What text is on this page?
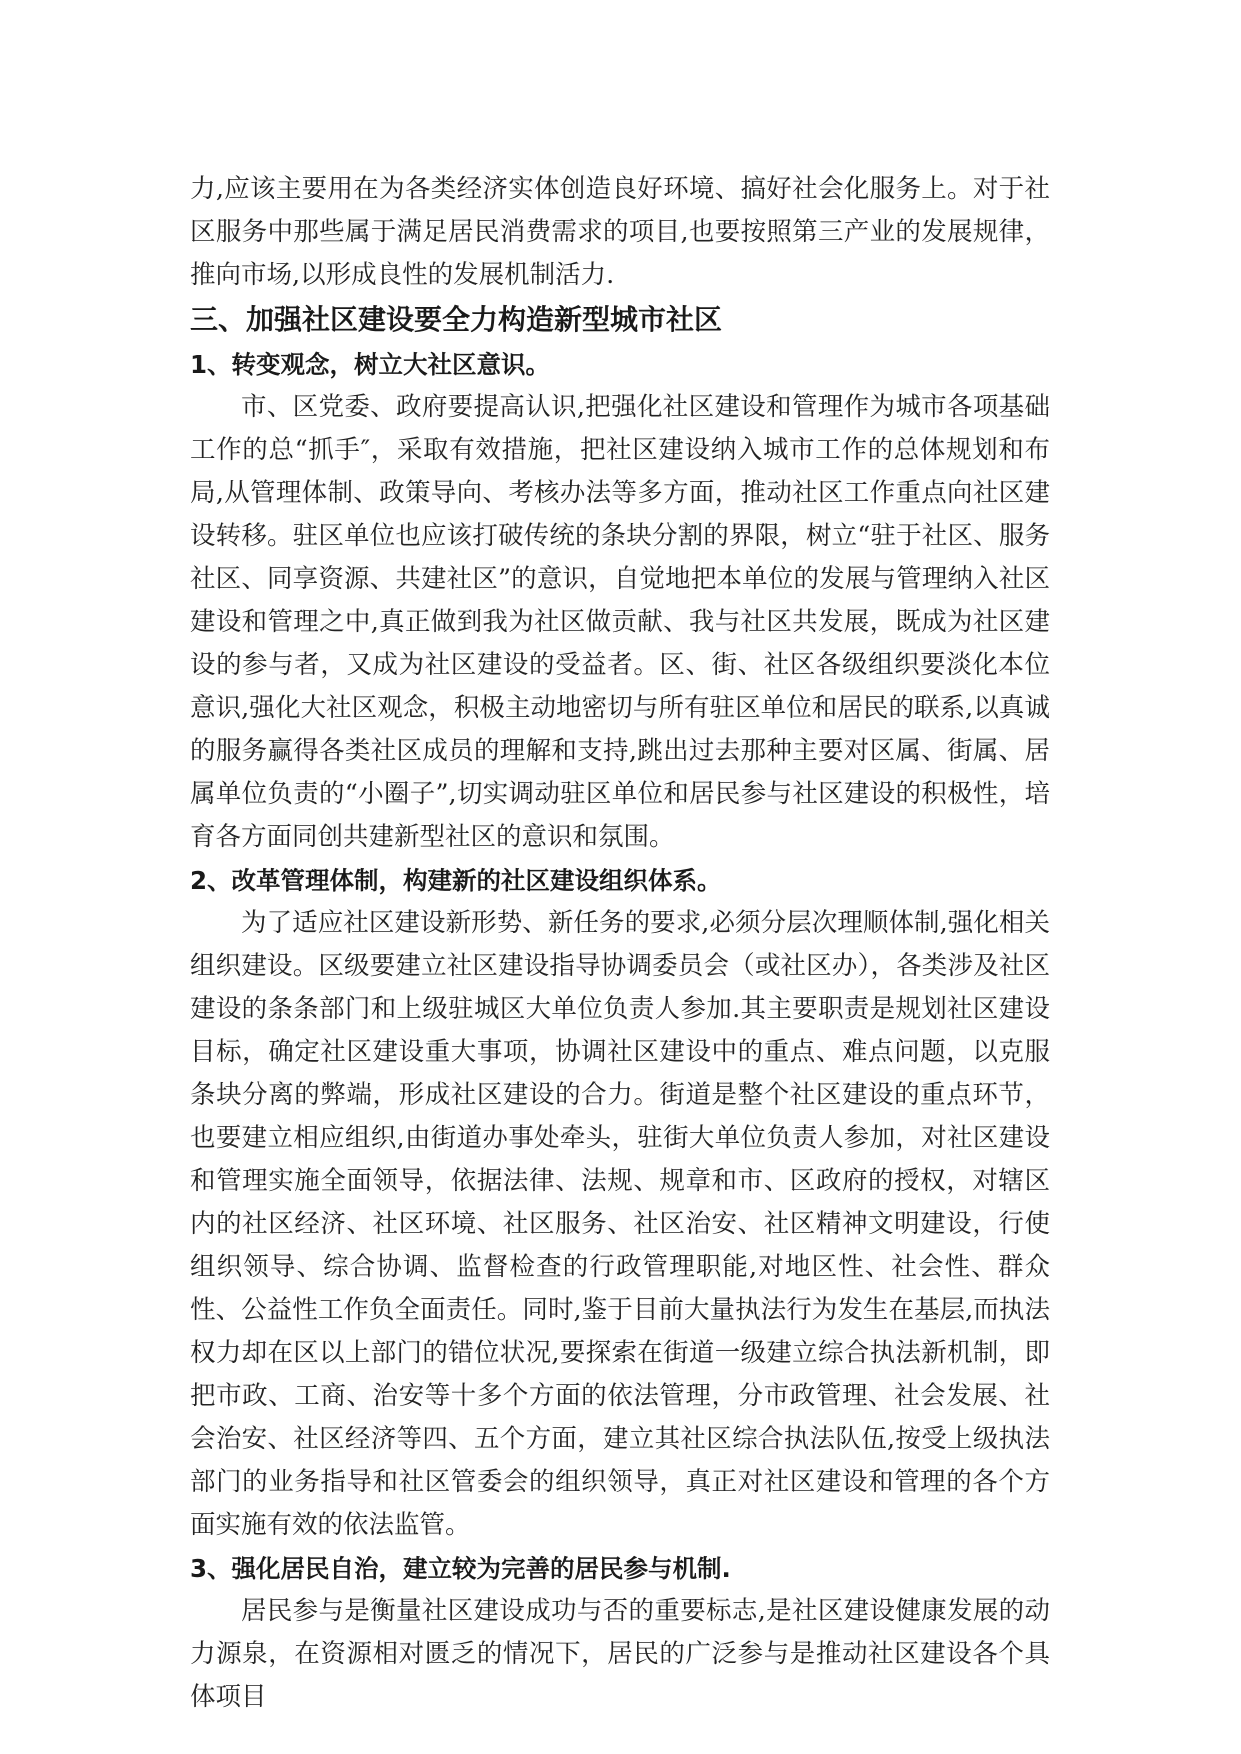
力,应该主要用在为各类经济实体创造良好环境、搞好社会化服务上。对于社区服务中那些属于满足居民消费需求的项目,也要按照第三产业的发展规律，推向市场,以形成良性的发展机制活力.

三、加强社区建设要全力构造新型城市社区
1、转变观念，树立大社区意识。

市、区党委、政府要提高认识,把强化社区建设和管理作为城市各项基础工作的总“抓手″，采取有效措施，把社区建设纳入城市工作的总体规划和布局,从管理体制、政策导向、考核办法等多方面，推动社区工作重点向社区建设转移。驻区单位也应该打破传统的条块分割的界限，树立“驻于社区、服务社区、同享资源、共建社区”的意识，自觉地把本单位的发展与管理纳入社区建设和管理之中,真正做到我为社区做贡献、我与社区共发展，既成为社区建设的参与者，又成为社区建设的受益者。区、街、社区各级组织要淡化本位意识,强化大社区观念，积极主动地密切与所有驻区单位和居民的联系,以真诚的服务赢得各类社区成员的理解和支持,跳出过去那种主要对区属、街属、居属单位负责的“小圈子”,切实调动驻区单位和居民参与社区建设的积极性，培育各方面同创共建新型社区的意识和氛围。

2、改革管理体制，构建新的社区建设组织体系。

为了适应社区建设新形势、新任务的要求,必须分层次理顺体制,强化相关组织建设。区级要建立社区建设指导协调委员会（或社区办），各类涉及社区建设的条条部门和上级驻城区大单位负责人参加.其主要职责是规划社区建设目标，确定社区建设重大事项，协调社区建设中的重点、难点问题，以克服条块分离的弊端，形成社区建设的合力。街道是整个社区建设的重点环节，也要建立相应组织,由街道办事处牵头，驻街大单位负责人参加，对社区建设和管理实施全面领导，依据法律、法规、规章和市、区政府的授权，对辖区内的社区经济、社区环境、社区服务、社区治安、社区精神文明建设，行使组织领导、综合协调、监督检查的行政管理职能,对地区性、社会性、群众性、公益性工作负全面责任。同时,鉴于目前大量执法行为发生在基层,而执法权力却在区以上部门的错位状况,要探索在街道一级建立综合执法新机制，即把市政、工商、治安等十多个方面的依法管理，分市政管理、社会发展、社会治安、社区经济等四、五个方面，建立其社区综合执法队伍,按受上级执法部门的业务指导和社区管委会的组织领导，真正对社区建设和管理的各个方面实施有效的依法监管。

3、强化居民自治，建立较为完善的居民参与机制.

居民参与是衡量社区建设成功与否的重要标志,是社区建设健康发展的动力源泉，在资源相对匮乏的情况下，居民的广泛参与是推动社区建设各个具体项目
